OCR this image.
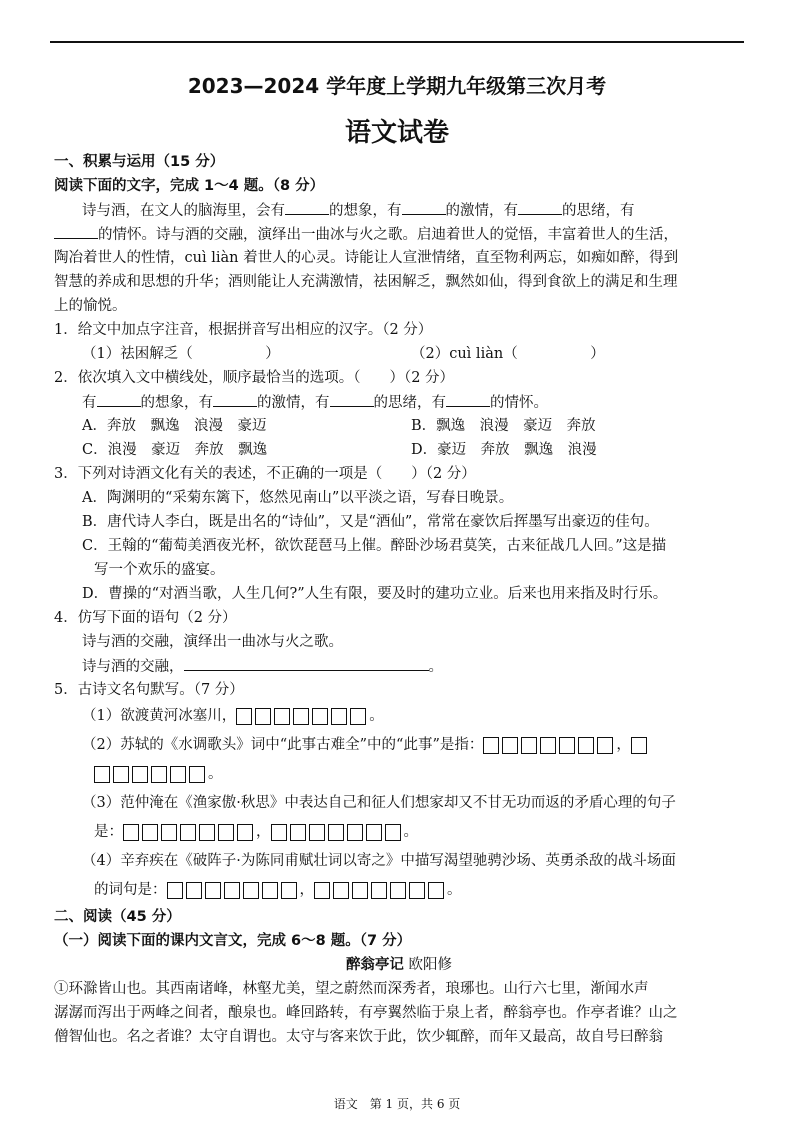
2023—2024 学年度上学期九年级第三次月考
语文试卷
一、积累与运用（15 分）
阅读下面的文字，完成 1～4 题。（8 分）
诗与酒，在文人的脑海里，会有	的想象，有	的激情，有	的思绪，有
的情怀。诗与酒的交融，演绎出一曲冰与火之歌。启迪着世人的觉悟，丰富着世人的生活，
陶冶着世人的性情，cuì liàn 着世人的心灵。诗能让人宣泄情绪，直至物利两忘，如痴如醉，得到
智慧的养成和思想的升华；酒则能让人充满激情，祛困解乏，飘然如仙，得到食欲上的满足和生理
上的愉悦。
1．给文中加点字注音，根据拼音写出相应的汉字。（2 分）
（1）祛困解乏（　　　　　）	（2）cuì liàn（　　　　　）
2．依次填入文中横线处，顺序最恰当的选项。（　　）（2 分）
有	的想象，有	的激情，有	的思绪，有	的情怀。
A．奔放　飘逸　浪漫　豪迈	B．飘逸　浪漫　豪迈　奔放
C．浪漫　豪迈　奔放　飘逸	D．豪迈　奔放　飘逸　浪漫
3．下列对诗酒文化有关的表述，不正确的一项是（　　）（2 分）
A．陶渊明的“采菊东篱下，悠然见南山”以平淡之语，写春日晚景。
B．唐代诗人李白，既是出名的“诗仙”，又是“酒仙”，常常在豪饮后挥墨写出豪迈的佳句。
C．王翰的“葡萄美酒夜光杯，欲饮琵琶马上催。醉卧沙场君莫笑，古来征战几人回。”这是描
写一个欢乐的盛宴。
D．曹操的“对酒当歌，人生几何?”人生有限，要及时的建功立业。后来也用来指及时行乐。
4．仿写下面的语句（2 分）
诗与酒的交融，演绎出一曲冰与火之歌。
诗与酒的交融，	。
5．古诗文名句默写。（7 分）
（1）欲渡黄河冰塞川，	。
（2）苏轼的《水调歌头》词中“此事古难全”中的“此事”是指：	，
。
（3）范仲淹在《渔家傲·秋思》中表达自己和征人们想家却又不甘无功而返的矛盾心理的句子
是：	，	。
（4）辛弃疾在《破阵子·为陈同甫赋壮词以寄之》中描写渴望驰骋沙场、英勇杀敌的战斗场面
的词句是：	，	。
二、阅读（45 分）
（一）阅读下面的课内文言文，完成 6～8 题。（7 分）
醉翁亭记 欧阳修
①环滁皆山也。其西南诸峰，林壑尤美，望之蔚然而深秀者，琅琊也。山行六七里，渐闻水声
潺潺而泻出于两峰之间者，酿泉也。峰回路转，有亭翼然临于泉上者，醉翁亭也。作亭者谁？山之
僧智仙也。名之者谁？太守自谓也。太守与客来饮于此，饮少辄醉，而年又最高，故自号曰醉翁
语文　第 1 页，共 6 页
